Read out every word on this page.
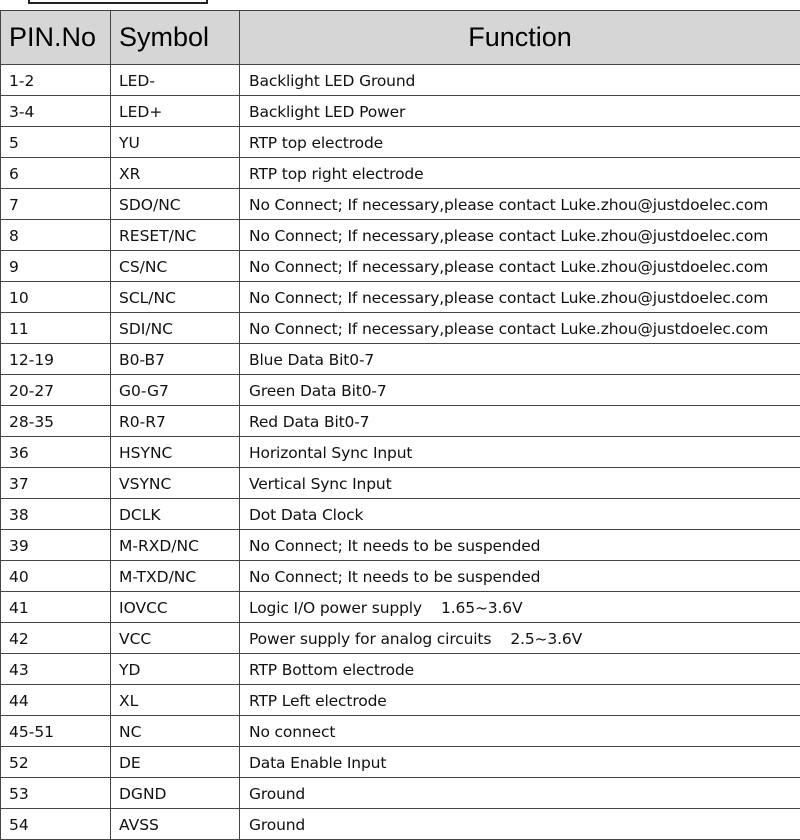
PIN.No	Symbol	Function
1-2	LED-	Backlight LED Ground
3-4	LED+	Backlight LED Power
5	YU	RTP top electrode
6	XR	RTP top right electrode
7	SDO/NC	No Connect; If necessary,please contact Luke.zhou@justdoelec.com
8	RESET/NC	No Connect; If necessary,please contact Luke.zhou@justdoelec.com
9	CS/NC	No Connect; If necessary,please contact Luke.zhou@justdoelec.com
10	SCL/NC	No Connect; If necessary,please contact Luke.zhou@justdoelec.com
11	SDI/NC	No Connect; If necessary,please contact Luke.zhou@justdoelec.com
12-19	B0-B7	Blue Data Bit0-7
20-27	G0-G7	Green Data Bit0-7
28-35	R0-R7	Red Data Bit0-7
36	HSYNC	Horizontal Sync Input
37	VSYNC	Vertical Sync Input
38	DCLK	Dot Data Clock
39	M-RXD/NC	No Connect; It needs to be suspended
40	M-TXD/NC	No Connect; It needs to be suspended
41	IOVCC	Logic I/O power supply    1.65~3.6V
42	VCC	Power supply for analog circuits    2.5~3.6V
43	YD	RTP Bottom electrode
44	XL	RTP Left electrode
45-51	NC	No connect
52	DE	Data Enable Input
53	DGND	Ground
54	AVSS	Ground
